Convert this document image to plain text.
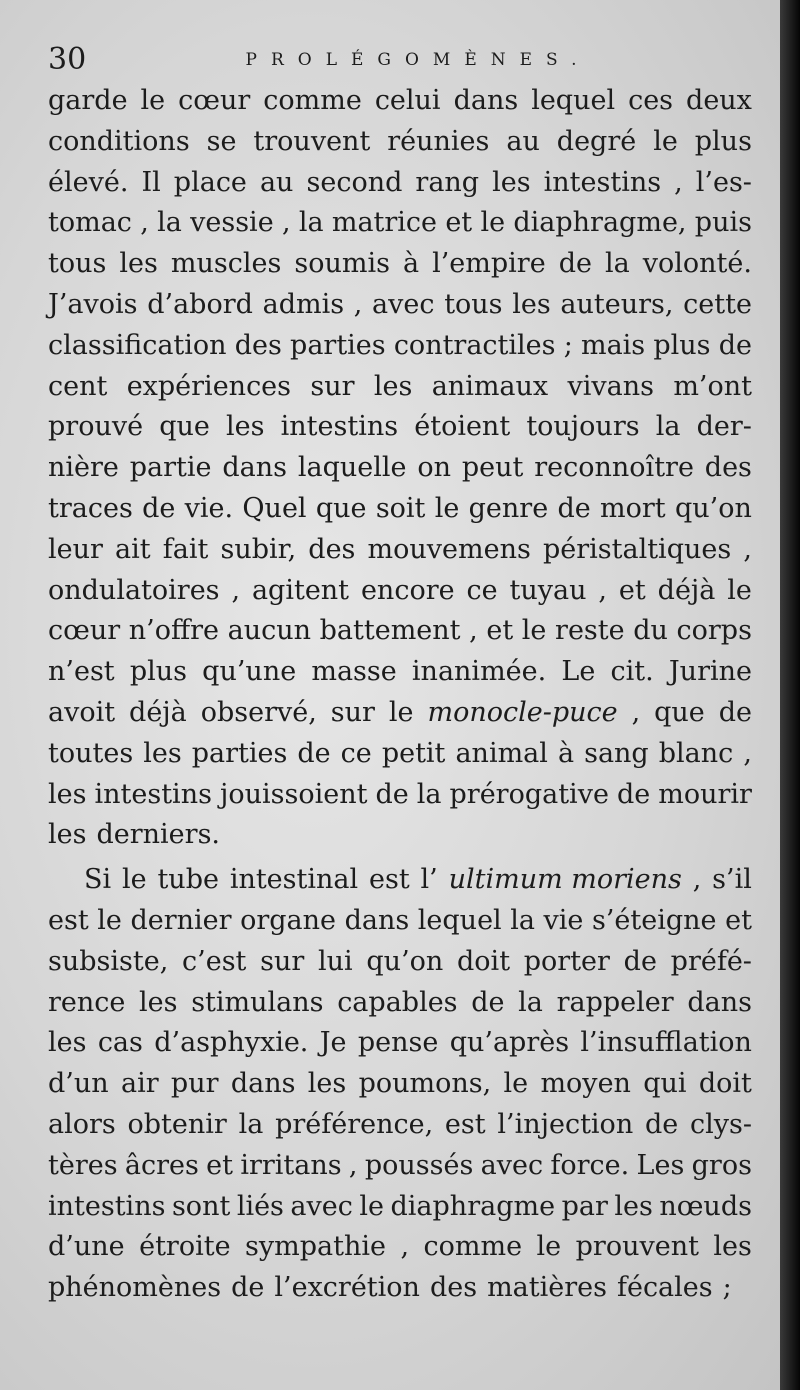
30	PROLÉGOMÈNES.
garde le cœur comme celui dans lequel ces deux
conditions se trouvent réunies au degré le plus
élevé. Il place au second rang les intestins , l’es-
tomac , la vessie , la matrice et le diaphragme, puis
tous les muscles soumis à l’empire de la volonté.
J’avois d’abord admis , avec tous les auteurs, cette
classification des parties contractiles ; mais plus de
cent expériences sur les animaux vivans m’ont
prouvé que les intestins étoient toujours la der-
nière partie dans laquelle on peut reconnoître des
traces de vie. Quel que soit le genre de mort qu’on
leur ait fait subir, des mouvemens péristaltiques ,
ondulatoires , agitent encore ce tuyau , et déjà le
cœur n’offre aucun battement , et le reste du corps
n’est plus qu’une masse inanimée. Le cit. Jurine
avoit déjà observé, sur le monocle-puce , que de
toutes les parties de ce petit animal à sang blanc ,
les intestins jouissoient de la prérogative de mourir
les derniers.
Si le tube intestinal est l’ ultimum moriens , s’il
est le dernier organe dans lequel la vie s’éteigne et
subsiste, c’est sur lui qu’on doit porter de préfé-
rence les stimulans capables de la rappeler dans
les cas d’asphyxie. Je pense qu’après l’insufflation
d’un air pur dans les poumons, le moyen qui doit
alors obtenir la préférence, est l’injection de clys-
tères âcres et irritans , poussés avec force. Les gros
intestins sont liés avec le diaphragme par les nœuds
d’une étroite sympathie , comme le prouvent les
phénomènes de l’excrétion des matières fécales ;
